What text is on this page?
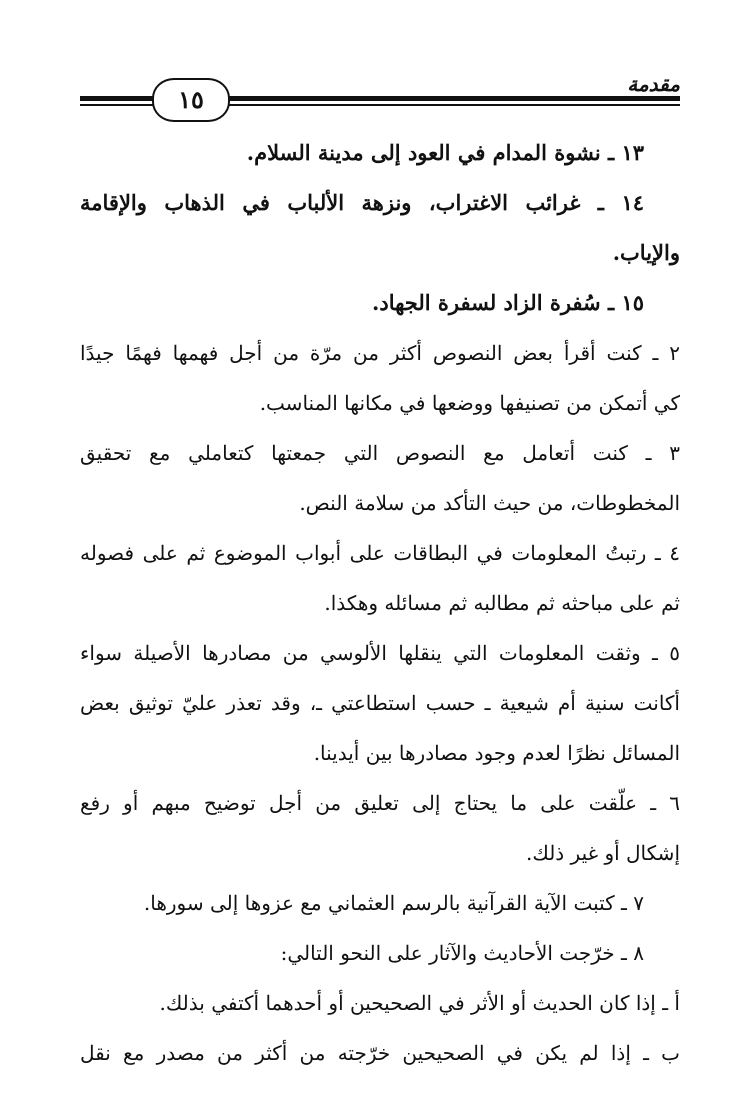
مقدمة
١٥
١٣ ـ نشوة المدام في العود إلى مدينة السلام.
١٤ ـ غرائب الاغتراب، ونزهة الألباب في الذهاب والإقامة
والإياب.
١٥ ـ سُفرة الزاد لسفرة الجهاد.
٢ ـ كنت أقرأ بعض النصوص أكثر من مرّة من أجل فهمها فهمًا جيدًا
كي أتمكن من تصنيفها ووضعها في مكانها المناسب.
٣ ـ كنت أتعامل مع النصوص التي جمعتها كتعاملي مع تحقيق
المخطوطات، من حيث التأكد من سلامة النص.
٤ ـ رتبتُ المعلومات في البطاقات على أبواب الموضوع ثم على فصوله
ثم على مباحثه ثم مطالبه ثم مسائله وهكذا.
٥ ـ وثقت المعلومات التي ينقلها الألوسي من مصادرها الأصيلة سواء
أكانت سنية أم شيعية ـ حسب استطاعتي ـ، وقد تعذر عليّ توثيق بعض
المسائل نظرًا لعدم وجود مصادرها بين أيدينا.
٦ ـ علّقت على ما يحتاج إلى تعليق من أجل توضيح مبهم أو رفع
إشكال أو غير ذلك.
٧ ـ كتبت الآية القرآنية بالرسم العثماني مع عزوها إلى سورها.
٨ ـ خرّجت الأحاديث والآثار على النحو التالي:
أ ـ إذا كان الحديث أو الأثر في الصحيحين أو أحدهما أكتفي بذلك.
ب ـ إذا لم يكن في الصحيحين خرّجته من أكثر من مصدر مع نقل
